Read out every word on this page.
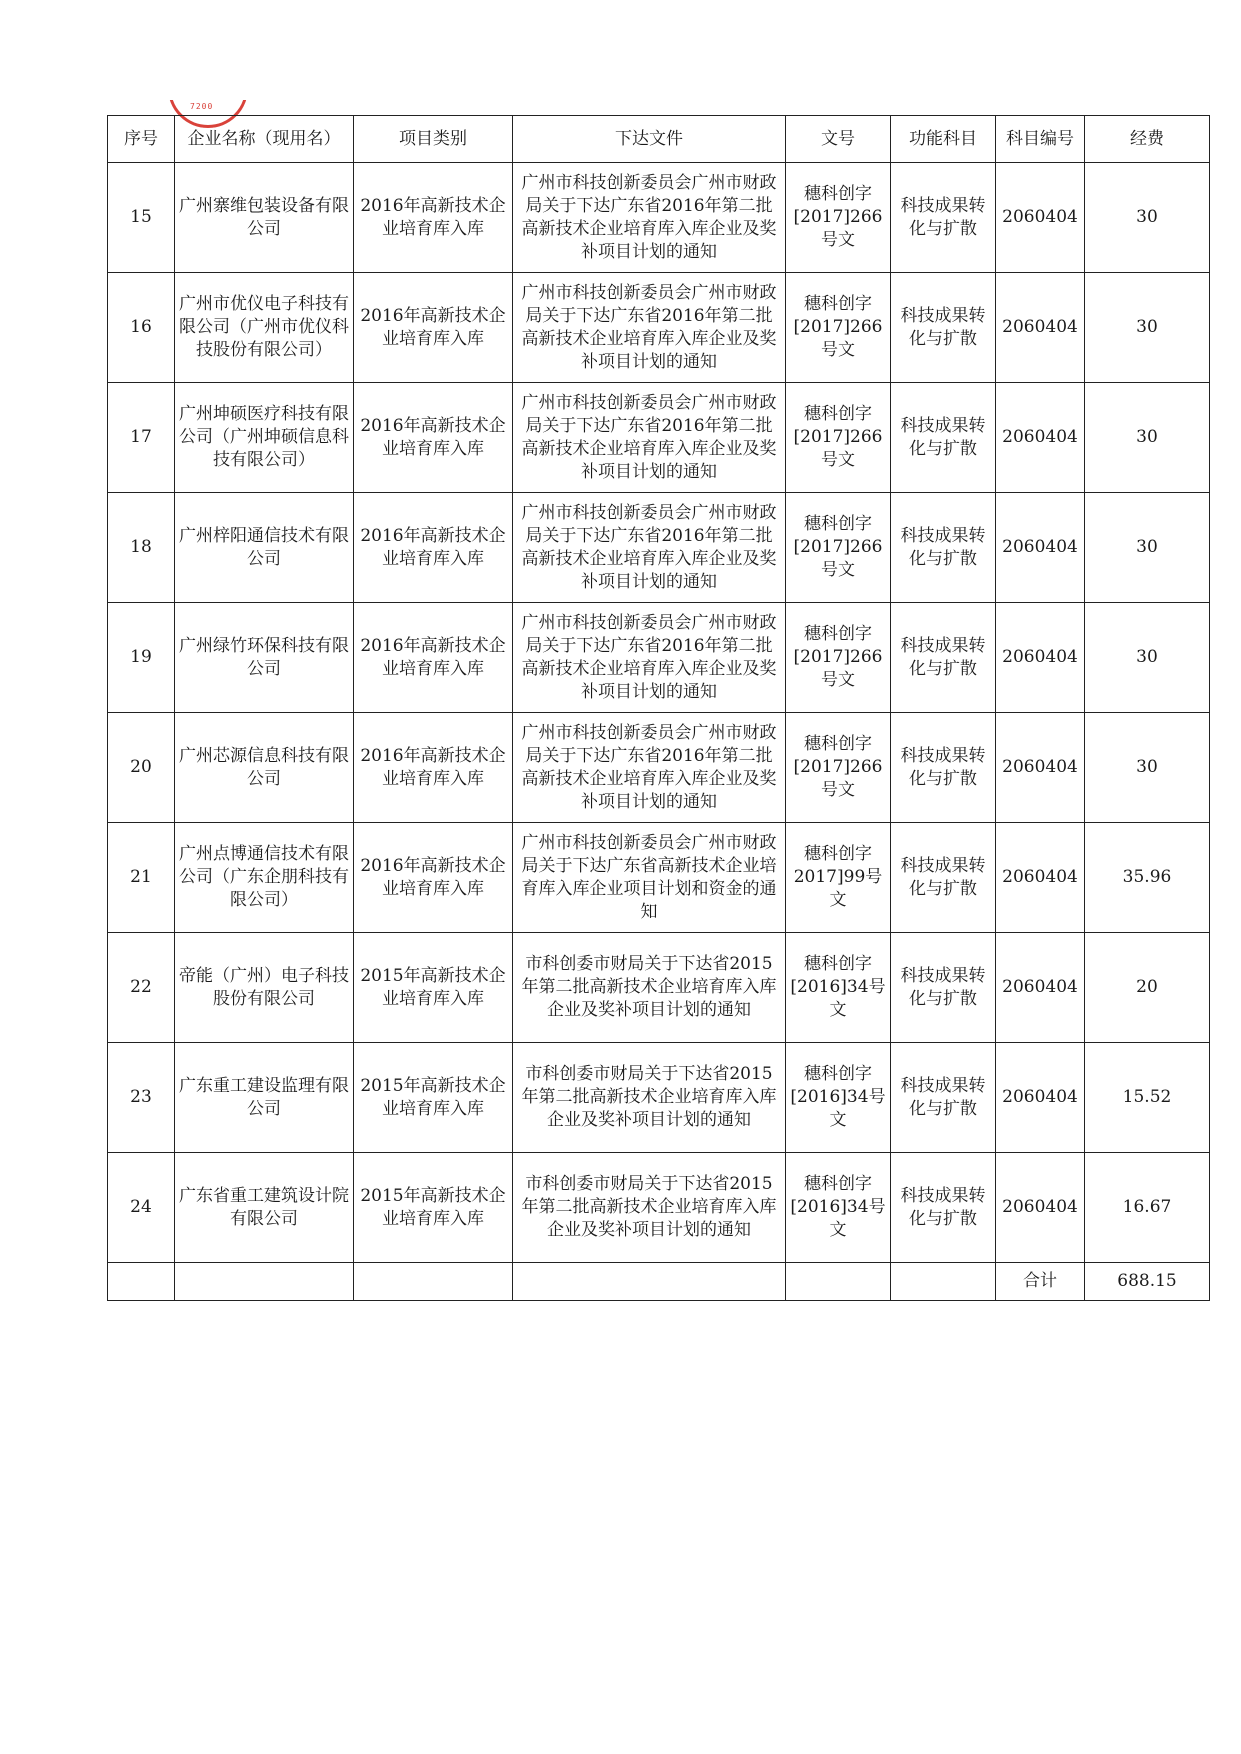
7200
序号	企业名称（现用名）	项目类别	下达文件	文号	功能科目	科目编号	经费
15	广州寨维包装设备有限公司	2016年高新技术企业培育库入库	广州市科技创新委员会广州市财政局关于下达广东省2016年第二批高新技术企业培育库入库企业及奖补项目计划的通知	穗科创字[2017]266号文	科技成果转化与扩散	2060404	30
16	广州市优仪电子科技有限公司（广州市优仪科技股份有限公司）	2016年高新技术企业培育库入库	广州市科技创新委员会广州市财政局关于下达广东省2016年第二批高新技术企业培育库入库企业及奖补项目计划的通知	穗科创字[2017]266号文	科技成果转化与扩散	2060404	30
17	广州坤硕医疗科技有限公司（广州坤硕信息科技有限公司）	2016年高新技术企业培育库入库	广州市科技创新委员会广州市财政局关于下达广东省2016年第二批高新技术企业培育库入库企业及奖补项目计划的通知	穗科创字[2017]266号文	科技成果转化与扩散	2060404	30
18	广州梓阳通信技术有限公司	2016年高新技术企业培育库入库	广州市科技创新委员会广州市财政局关于下达广东省2016年第二批高新技术企业培育库入库企业及奖补项目计划的通知	穗科创字[2017]266号文	科技成果转化与扩散	2060404	30
19	广州绿竹环保科技有限公司	2016年高新技术企业培育库入库	广州市科技创新委员会广州市财政局关于下达广东省2016年第二批高新技术企业培育库入库企业及奖补项目计划的通知	穗科创字[2017]266号文	科技成果转化与扩散	2060404	30
20	广州芯源信息科技有限公司	2016年高新技术企业培育库入库	广州市科技创新委员会广州市财政局关于下达广东省2016年第二批高新技术企业培育库入库企业及奖补项目计划的通知	穗科创字[2017]266号文	科技成果转化与扩散	2060404	30
21	广州点博通信技术有限公司（广东企朋科技有限公司）	2016年高新技术企业培育库入库	广州市科技创新委员会广州市财政局关于下达广东省高新技术企业培育库入库企业项目计划和资金的通知	穗科创字2017]99号文	科技成果转化与扩散	2060404	35.96
22	帝能（广州）电子科技股份有限公司	2015年高新技术企业培育库入库	市科创委市财局关于下达省2015年第二批高新技术企业培育库入库企业及奖补项目计划的通知	穗科创字[2016]34号文	科技成果转化与扩散	2060404	20
23	广东重工建设监理有限公司	2015年高新技术企业培育库入库	市科创委市财局关于下达省2015年第二批高新技术企业培育库入库企业及奖补项目计划的通知	穗科创字[2016]34号文	科技成果转化与扩散	2060404	15.52
24	广东省重工建筑设计院有限公司	2015年高新技术企业培育库入库	市科创委市财局关于下达省2015年第二批高新技术企业培育库入库企业及奖补项目计划的通知	穗科创字[2016]34号文	科技成果转化与扩散	2060404	16.67
						合计	688.15
